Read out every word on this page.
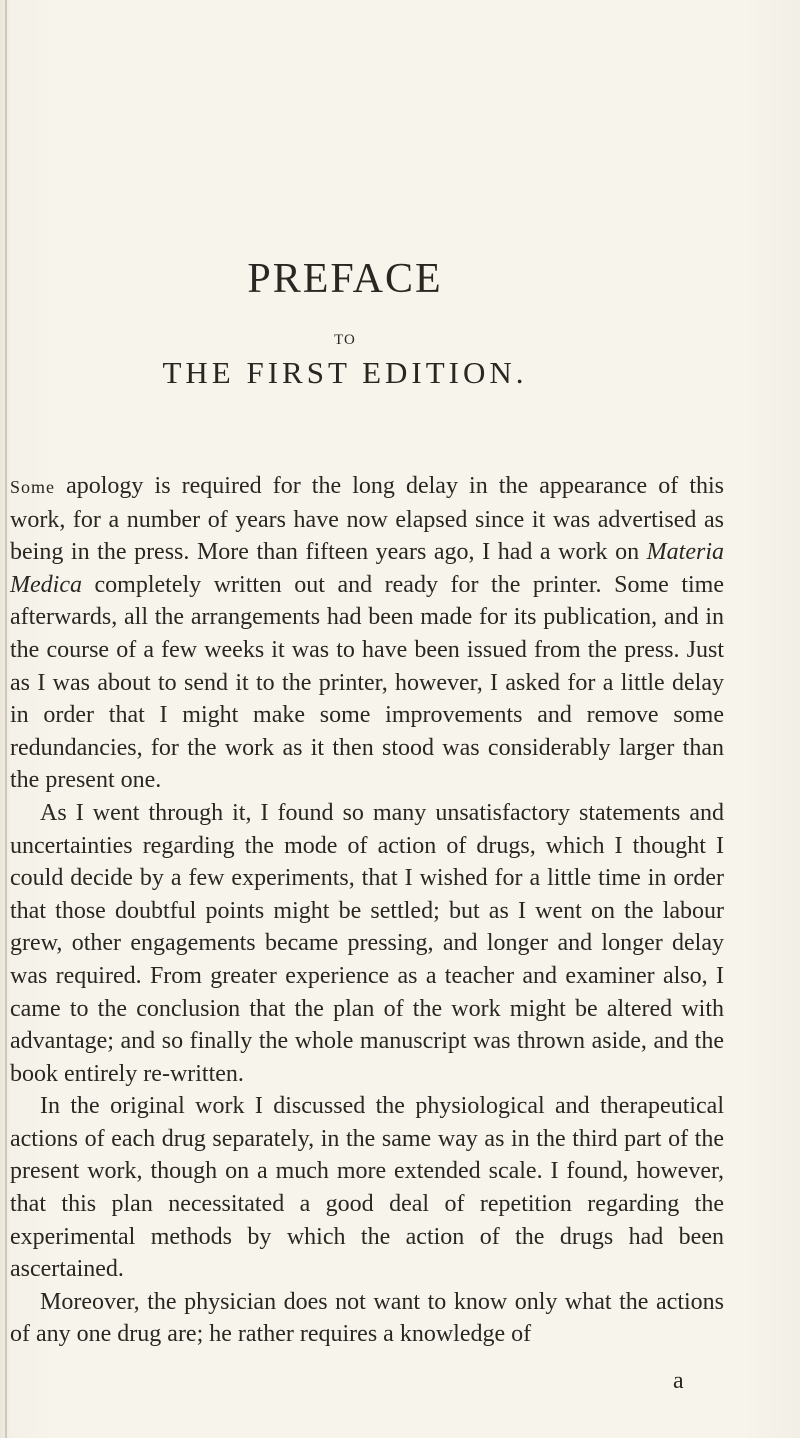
PREFACE
TO
THE FIRST EDITION.

Some apology is required for the long delay in the appearance of this work, for a number of years have now elapsed since it was advertised as being in the press. More than fifteen years ago, I had a work on Materia Medica completely written out and ready for the printer. Some time afterwards, all the arrangements had been made for its publication, and in the course of a few weeks it was to have been issued from the press. Just as I was about to send it to the printer, however, I asked for a little delay in order that I might make some improvements and remove some redundancies, for the work as it then stood was considerably larger than the present one.

As I went through it, I found so many unsatisfactory statements and uncertainties regarding the mode of action of drugs, which I thought I could decide by a few experiments, that I wished for a little time in order that those doubtful points might be settled; but as I went on the labour grew, other engagements became pressing, and longer and longer delay was required. From greater experience as a teacher and examiner also, I came to the conclusion that the plan of the work might be altered with advantage; and so finally the whole manuscript was thrown aside, and the book entirely re-written.

In the original work I discussed the physiological and therapeutical actions of each drug separately, in the same way as in the third part of the present work, though on a much more extended scale. I found, however, that this plan necessitated a good deal of repetition regarding the experimental methods by which the action of the drugs had been ascertained.

Moreover, the physician does not want to know only what the actions of any one drug are; he rather requires a knowledge of

a
